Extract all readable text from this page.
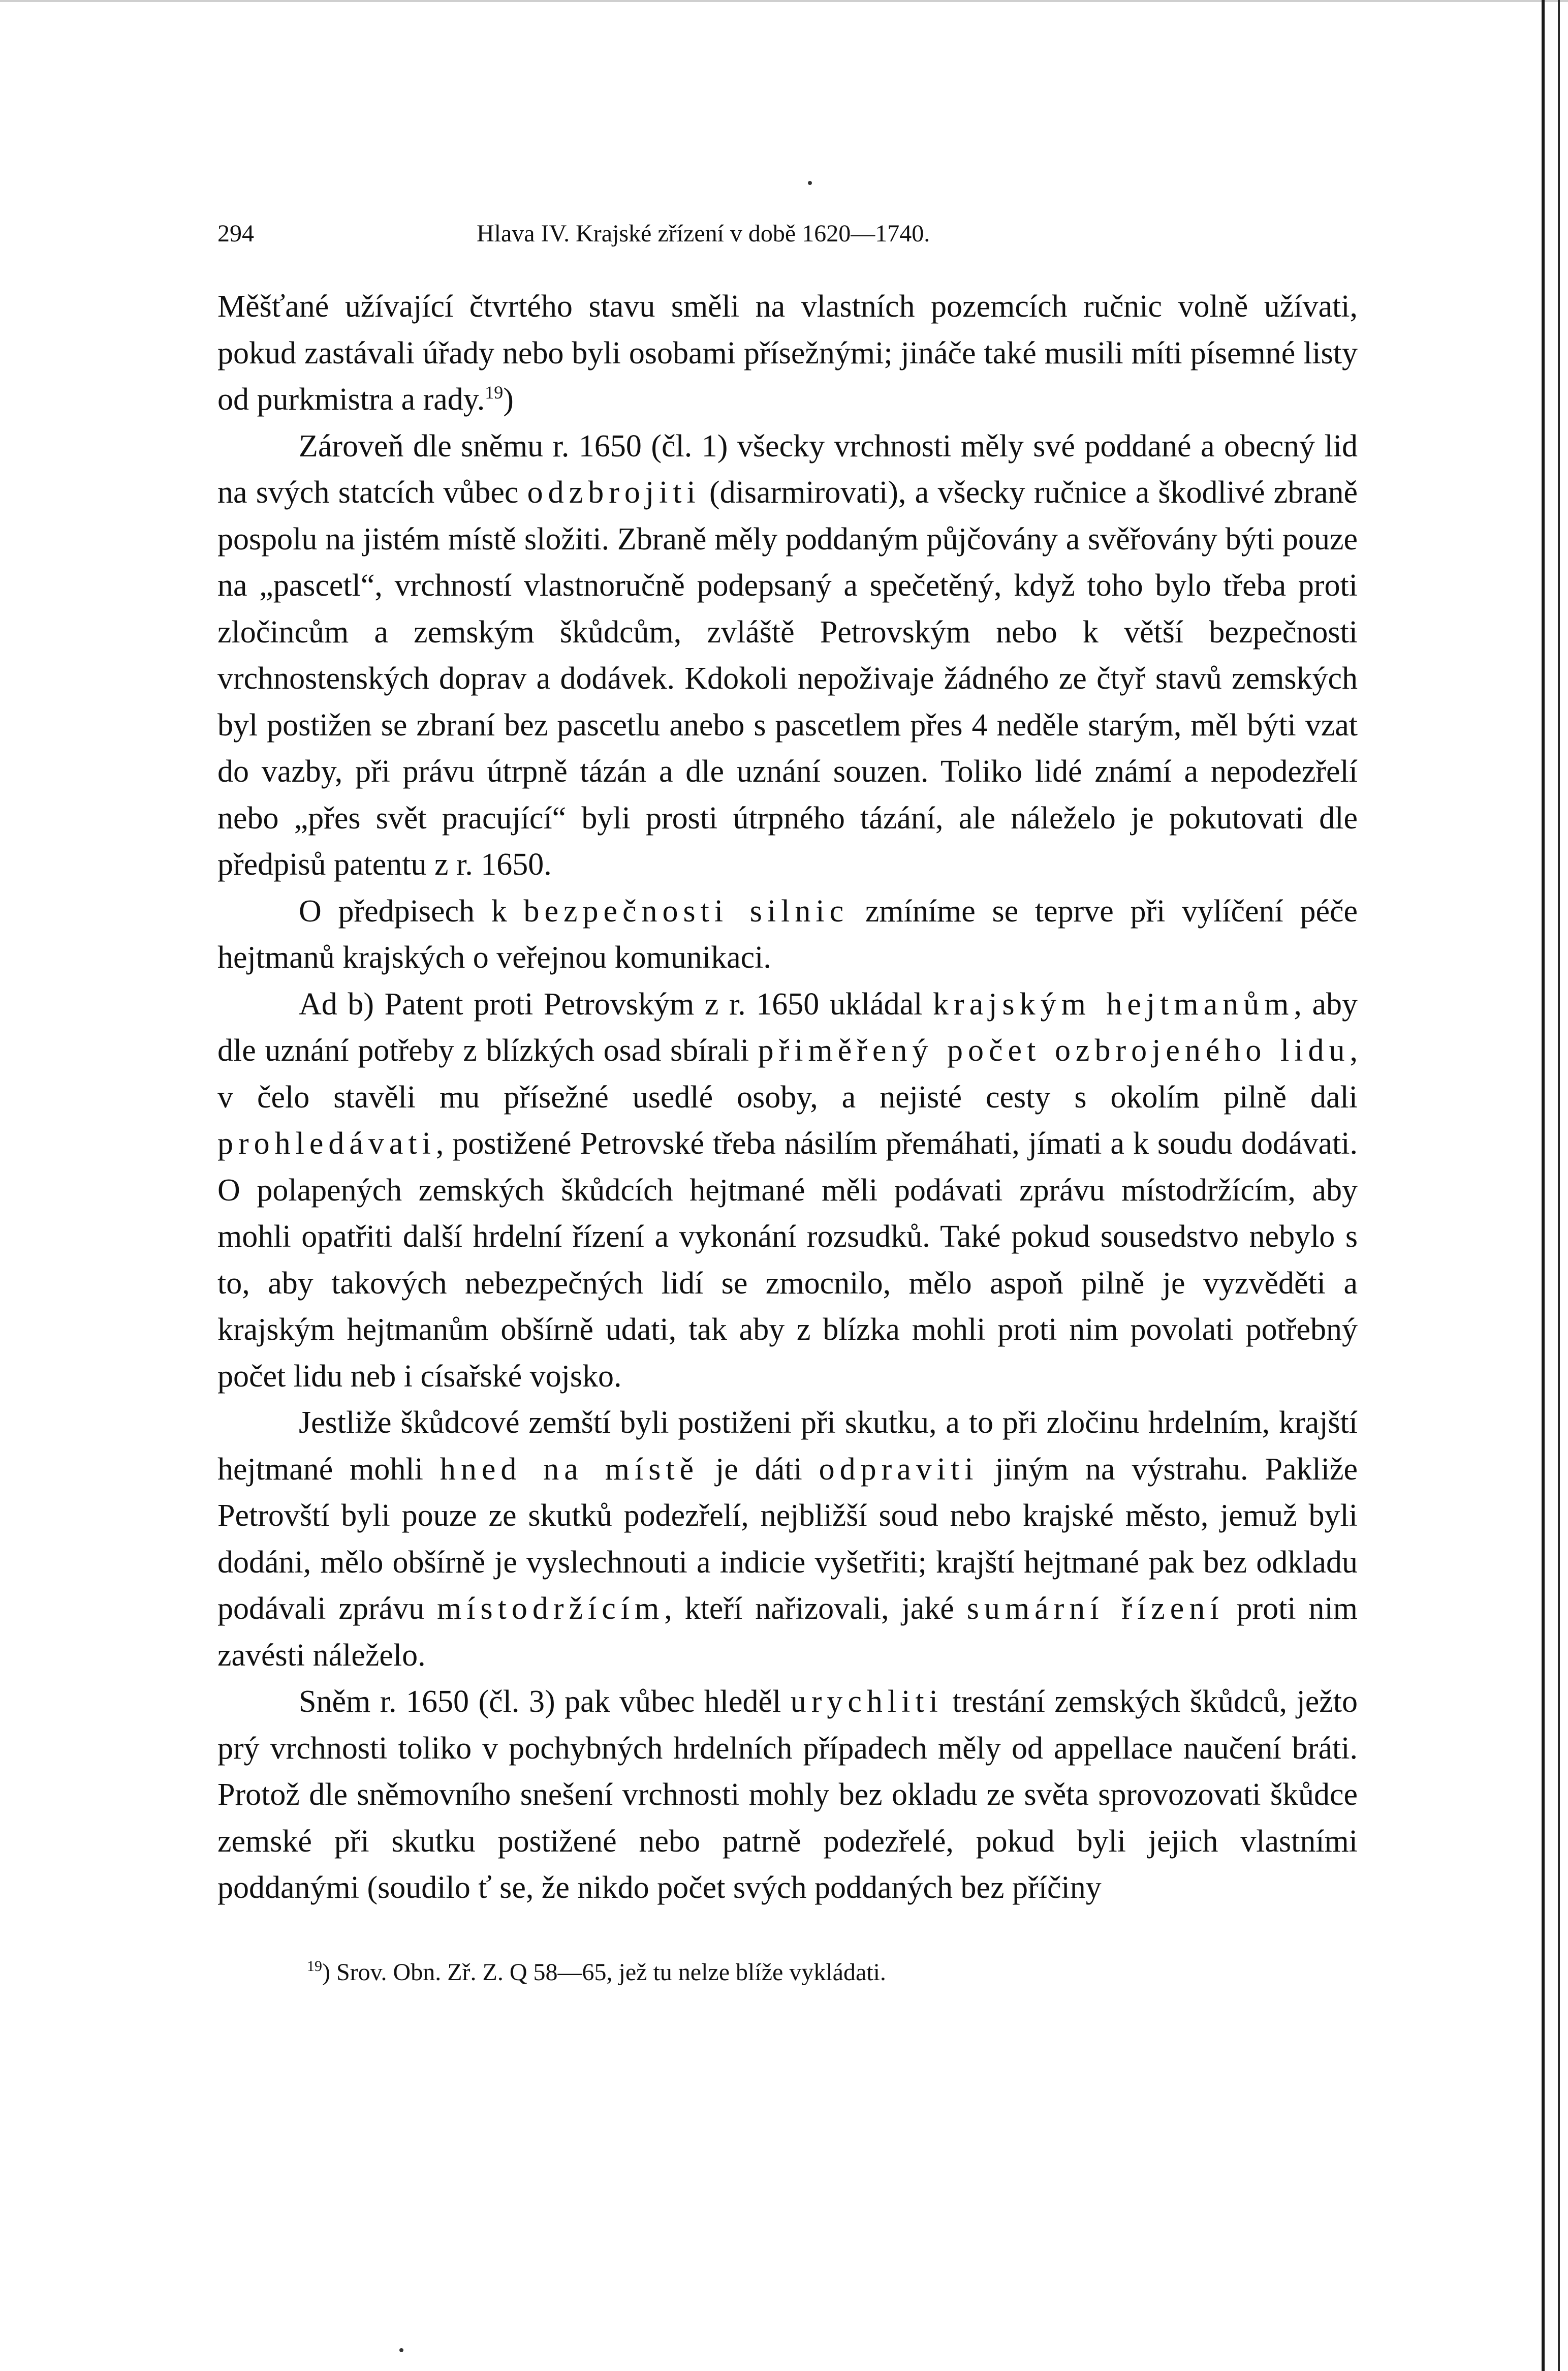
294	Hlava IV. Krajské zřízení v době 1620—1740.

Měšťané užívající čtvrtého stavu směli na vlastních pozemcích ručnic volně užívati, pokud zastávali úřady nebo byli osobami přísežnými; jináče také musili míti písemné listy od purkmistra a rady.$^{19}$)

Zároveň dle sněmu r. 1650 (čl. 1) všecky vrchnosti měly své poddané a obecný lid na svých statcích vůbec odzbrojiti (disarmirovati), a všecky ručnice a škodlivé zbraně pospolu na jistém místě složiti. Zbraně měly poddaným půjčovány a svěřovány býti pouze na „pascetl“, vrchností vlastnoručně podepsaný a spečetěný, když toho bylo třeba proti zločincům a zemským škůdcům, zvláště Petrovským nebo k větší bezpečnosti vrchnostenských doprav a dodávek. Kdokoli nepoživaje žádného ze čtyř stavů zemských byl postižen se zbraní bez pascetlu anebo s pascetlem přes 4 neděle starým, měl býti vzat do vazby, při právu útrpně tázán a dle uznání souzen. Toliko lidé známí a nepodezřelí nebo „přes svět pracující“ byli prosti útrpného tázání, ale náleželo je pokutovati dle předpisů patentu z r. 1650.

O předpisech k bezpečnosti silnic zmíníme se teprve při vylíčení péče hejtmanů krajských o veřejnou komunikaci.

Ad b) Patent proti Petrovským z r. 1650 ukládal krajským hejtmanům, aby dle uznání potřeby z blízkých osad sbírali přiměřený počet ozbrojeného lidu, v čelo stavěli mu přísežné usedlé osoby, a nejisté cesty s okolím pilně dali prohledávati, postižené Petrovské třeba násilím přemáhati, jímati a k soudu dodávati. O polapených zemských škůdcích hejtmané měli podávati zprávu místodržícím, aby mohli opatřiti další hrdelní řízení a vykonání rozsudků. Také pokud sousedstvo nebylo s to, aby takových nebezpečných lidí se zmocnilo, mělo aspoň pilně je vyzvěděti a krajským hejtmanům obšírně udati, tak aby z blízka mohli proti nim povolati potřebný počet lidu neb i císařské vojsko.

Jestliže škůdcové zemští byli postiženi při skutku, a to při zločinu hrdelním, krajští hejtmané mohli hned na místě je dáti odpraviti jiným na výstrahu. Pakliže Petrovští byli pouze ze skutků podezřelí, nejbližší soud nebo krajské město, jemuž byli dodáni, mělo obšírně je vyslechnouti a indicie vyšetřiti; krajští hejtmané pak bez odkladu podávali zprávu místodržícím, kteří nařizovali, jaké sumární řízení proti nim zavésti náleželo.

Sněm r. 1650 (čl. 3) pak vůbec hleděl urychliti trestání zemských škůdců, ježto prý vrchnosti toliko v pochybných hrdelních případech měly od appellace naučení bráti. Protož dle sněmovního snešení vrchnosti mohly bez okladu ze světa sprovozovati škůdce zemské při skutku postižené nebo patrně podezřelé, pokud byli jejich vlastními poddanými (soudilo ť se, že nikdo počet svých poddaných bez příčiny

$^{19}$) Srov. Obn. Zř. Z. Q 58—65, jež tu nelze blíže vykládati.
